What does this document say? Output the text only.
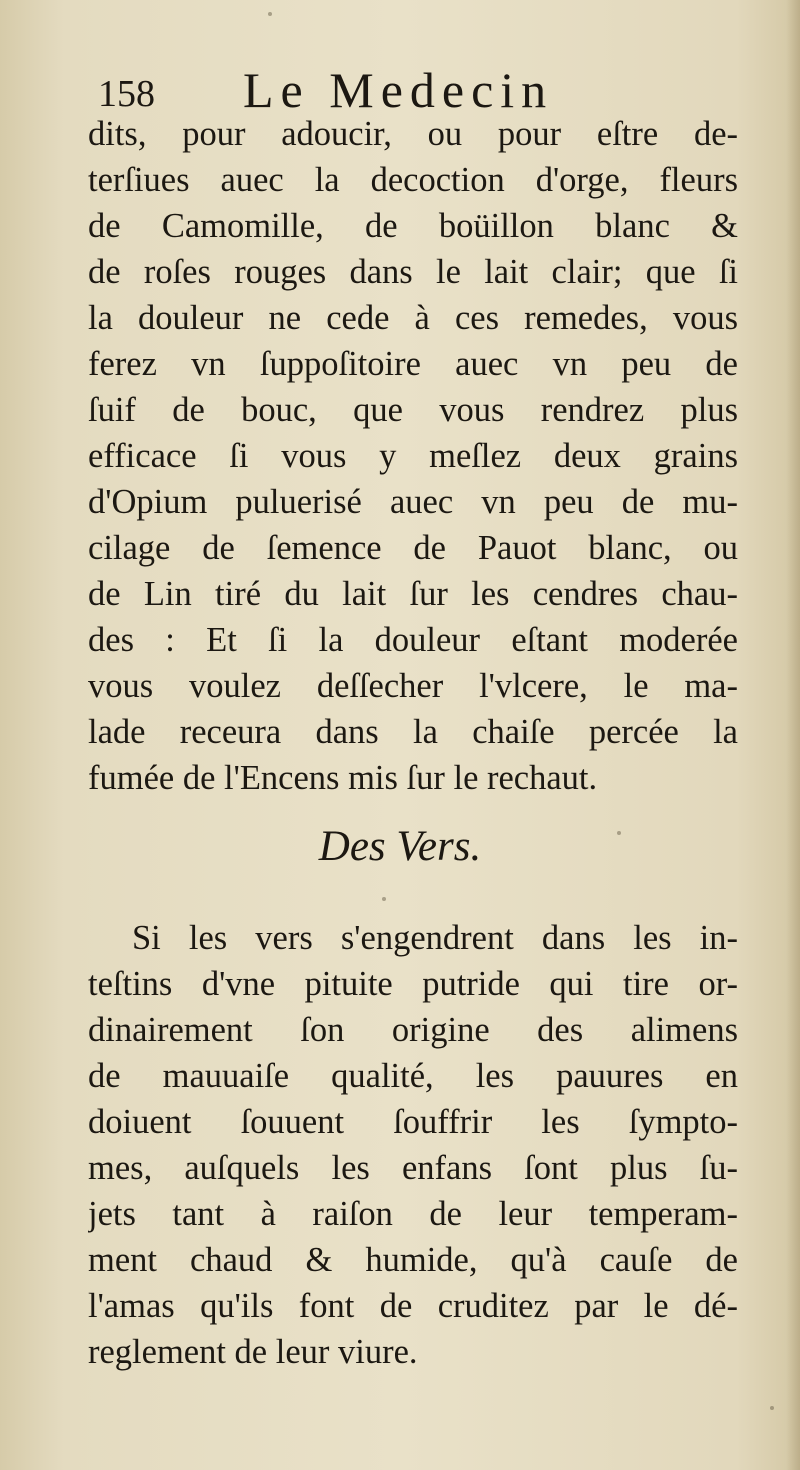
158 Le Medecin
dits, pour adoucir, ou pour eſtre de-
terſiues auec la decoction d'orge, fleurs
de Camomille, de boüillon blanc &
de roſes rouges dans le lait clair; que ſi
la douleur ne cede à ces remedes, vous
ferez vn ſuppoſitoire auec vn peu de
ſuif de bouc, que vous rendrez plus
efficace ſi vous y meſlez deux grains
d'Opium puluerisé auec vn peu de mu-
cilage de ſemence de Pauot blanc, ou
de Lin tiré du lait ſur les cendres chau-
des : Et ſi la douleur eſtant moderée
vous voulez deſſecher l'vlcere, le ma-
lade receura dans la chaiſe percée la
fumée de l'Encens mis ſur le rechaut.
Des Vers.
Si les vers s'engendrent dans les in-
teſtins d'vne pituite putride qui tire or-
dinairement ſon origine des alimens
de mauuaiſe qualité, les pauures en
doiuent ſouuent ſouffrir les ſympto-
mes, auſquels les enfans ſont plus ſu-
jets tant à raiſon de leur temperam-
ment chaud & humide, qu'à cauſe de
l'amas qu'ils font de cruditez par le dé-
reglement de leur viure.
